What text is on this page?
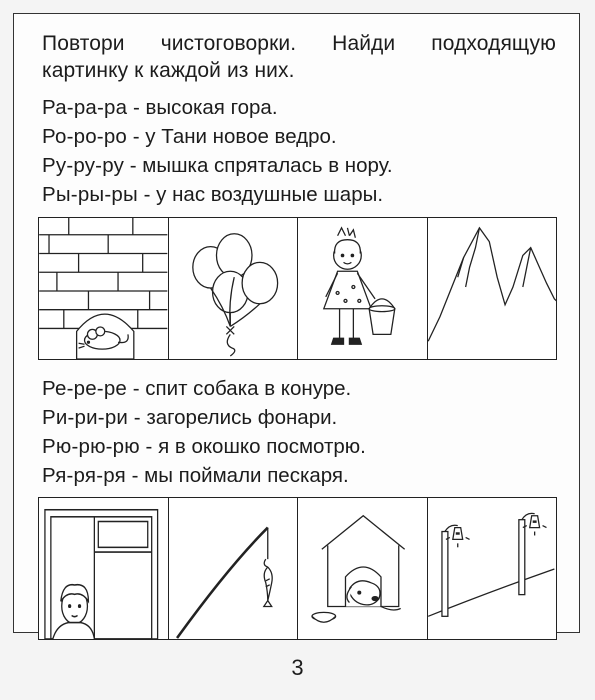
Повтори чистоговорки. Найди подходящую картинку к каждой из них.
Ра-ра-ра - высокая гора.
Ро-ро-ро - у Тани новое ведро.
Ру-ру-ру - мышка спряталась в нору.
Ры-ры-ры - у нас воздушные шары.
Ре-ре-ре - спит собака в конуре.
Ри-ри-ри - загорелись фонари.
Рю-рю-рю - я в окошко посмотрю.
Ря-ря-ря - мы поймали пескаря.
3
